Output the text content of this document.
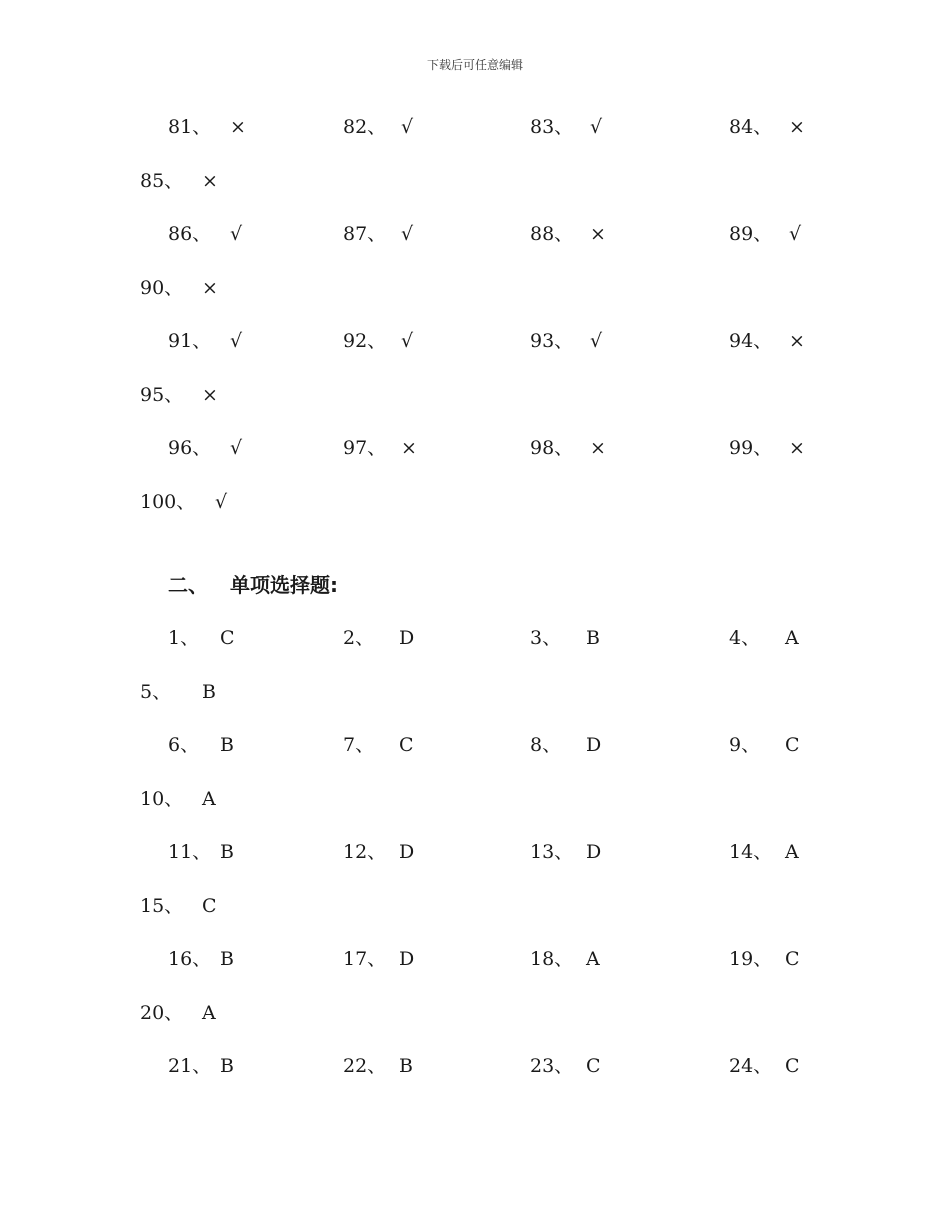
下载后可任意编辑
81、 ×	82、 √	83、 √	84、 ×
85、 ×
86、 √	87、 √	88、 ×	89、 √
90、 ×
91、 √	92、 √	93、 √	94、 ×
95、 ×
96、 √	97、 ×	98、 ×	99、 ×
100、 √
二、 单项选择题:
1、 C	2、 D	3、 B	4、 A
5、 B
6、 B	7、 C	8、 D	9、 C
10、 A
11、 B	12、 D	13、 D	14、 A
15、 C
16、 B	17、 D	18、 A	19、 C
20、 A
21、 B	22、 B	23、 C	24、 C
